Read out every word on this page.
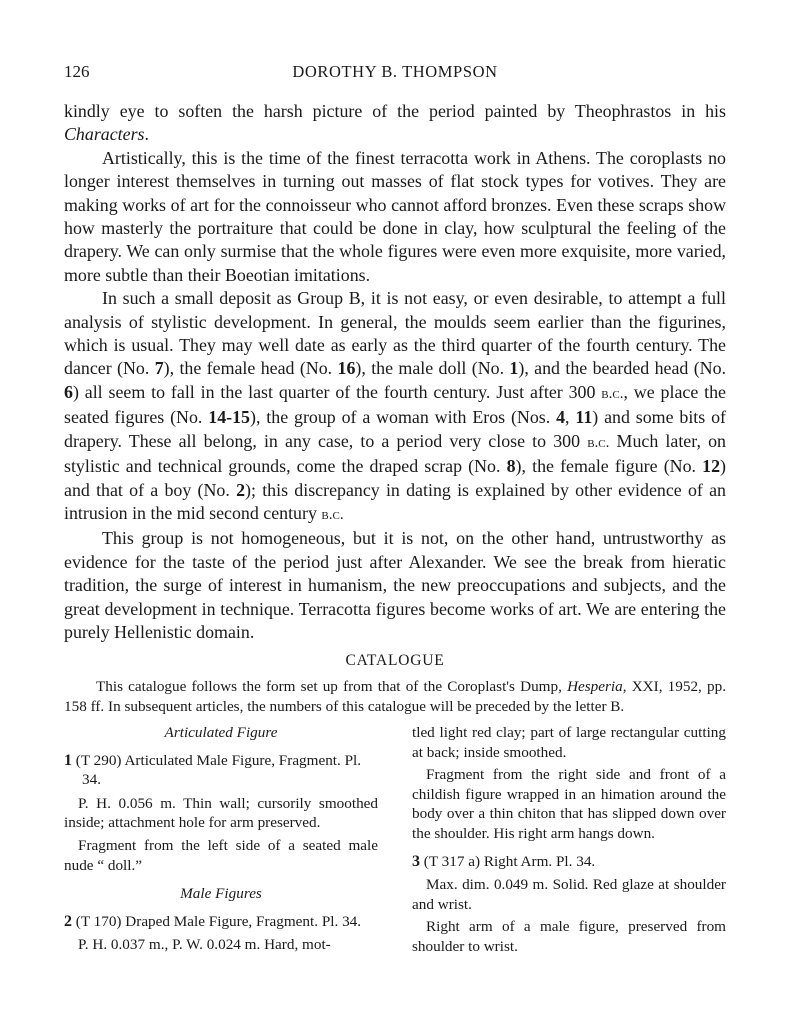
126	DOROTHY B. THOMPSON

kindly eye to soften the harsh picture of the period painted by Theophrastos in his Characters.

Artistically, this is the time of the finest terracotta work in Athens. The coroplasts no longer interest themselves in turning out masses of flat stock types for votives. They are making works of art for the connoisseur who cannot afford bronzes. Even these scraps show how masterly the portraiture that could be done in clay, how sculptural the feeling of the drapery. We can only surmise that the whole figures were even more exquisite, more varied, more subtle than their Boeotian imitations.

In such a small deposit as Group B, it is not easy, or even desirable, to attempt a full analysis of stylistic development. In general, the moulds seem earlier than the figurines, which is usual. They may well date as early as the third quarter of the fourth century. The dancer (No. 7), the female head (No. 16), the male doll (No. 1), and the bearded head (No. 6) all seem to fall in the last quarter of the fourth century. Just after 300 b.c., we place the seated figures (No. 14-15), the group of a woman with Eros (Nos. 4, 11) and some bits of drapery. These all belong, in any case, to a period very close to 300 b.c. Much later, on stylistic and technical grounds, come the draped scrap (No. 8), the female figure (No. 12) and that of a boy (No. 2); this discrepancy in dating is explained by other evidence of an intrusion in the mid second century b.c.

This group is not homogeneous, but it is not, on the other hand, untrustworthy as evidence for the taste of the period just after Alexander. We see the break from hieratic tradition, the surge of interest in humanism, the new preoccupations and subjects, and the great development in technique. Terracotta figures become works of art. We are entering the purely Hellenistic domain.

CATALOGUE

This catalogue follows the form set up from that of the Coroplast's Dump, Hesperia, XXI, 1952, pp. 158 ff. In subsequent articles, the numbers of this catalogue will be preceded by the letter B.

Articulated Figure

1 (T 290) Articulated Male Figure, Fragment. Pl. 34.

P. H. 0.056 m. Thin wall; cursorily smoothed inside; attachment hole for arm preserved.

Fragment from the left side of a seated male nude “ doll.”

Male Figures

2 (T 170) Draped Male Figure, Fragment. Pl. 34.

P. H. 0.037 m., P. W. 0.024 m. Hard, mot-

tled light red clay; part of large rectangular cutting at back; inside smoothed.

Fragment from the right side and front of a childish figure wrapped in an himation around the body over a thin chiton that has slipped down over the shoulder. His right arm hangs down.

3 (T 317 a) Right Arm. Pl. 34.

Max. dim. 0.049 m. Solid. Red glaze at shoulder and wrist.

Right arm of a male figure, preserved from shoulder to wrist.
